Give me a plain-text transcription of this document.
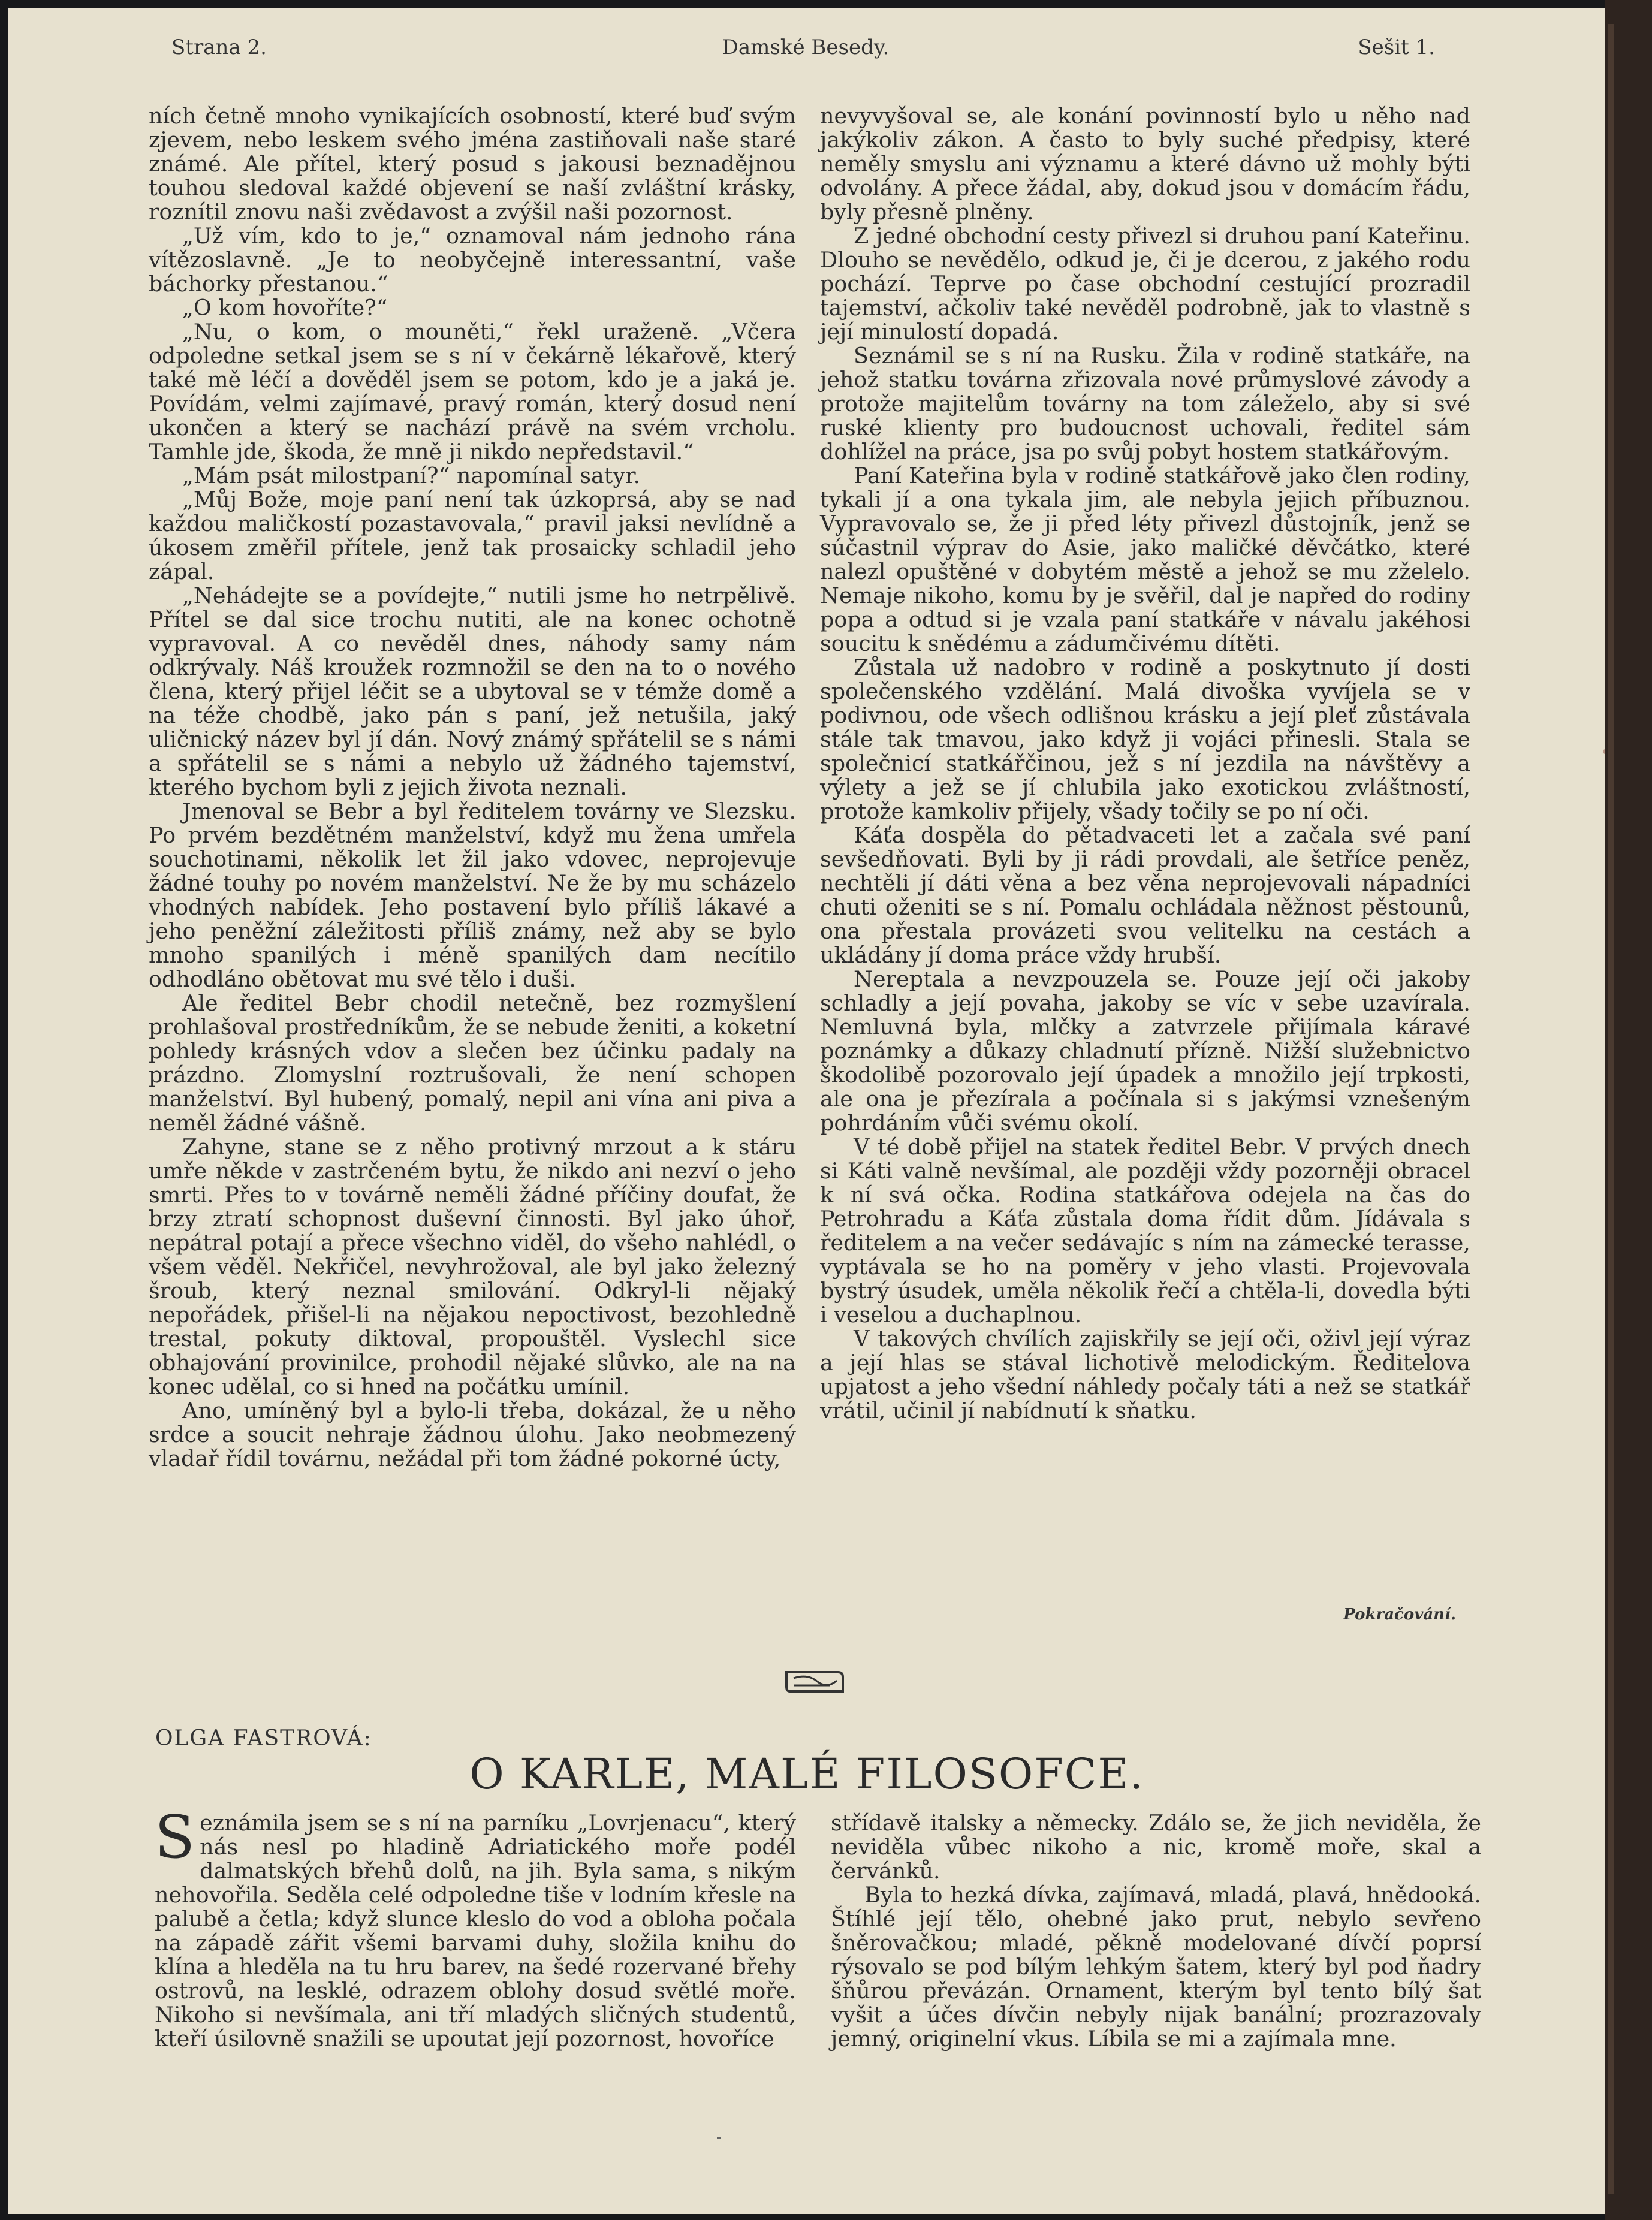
Strana 2.	Damské Besedy.	Sešit 1.

ních četně mnoho vynikajících osobností, které buď svým zjevem, nebo leskem svého jména zastiňovali naše staré známé. Ale přítel, který posud s jakousi beznadějnou touhou sledoval každé objevení se naší zvláštní krásky, roznítil znovu naši zvědavost a zvýšil naši pozornost.

„Už vím, kdo to je,“ oznamoval nám jednoho rána vítězoslavně. „Je to neobyčejně interessantní, vaše báchorky přestanou.“

„O kom hovoříte?“

„Nu, o kom, o mouněti,“ řekl uraženě. „Včera odpoledne setkal jsem se s ní v čekárně lékařově, který také mě léčí a dověděl jsem se potom, kdo je a jaká je. Povídám, velmi zajímavé, pravý román, který dosud není ukončen a který se nachází právě na svém vrcholu. Tamhle jde, škoda, že mně ji nikdo nepředstavil.“

„Mám psát milostpaní?“ napomínal satyr.

„Můj Bože, moje paní není tak úzkoprsá, aby se nad každou maličkostí pozastavovala,“ pravil jaksi nevlídně a úkosem změřil přítele, jenž tak prosaicky schladil jeho zápal.

„Nehádejte se a povídejte,“ nutili jsme ho netrpělivě. Přítel se dal sice trochu nutiti, ale na konec ochotně vypravoval. A co nevěděl dnes, náhody samy nám odkrývaly. Náš kroužek rozmnožil se den na to o nového člena, který přijel léčit se a ubytoval se v témže domě a na téže chodbě, jako pán s paní, jež netušila, jaký uličnický název byl jí dán. Nový známý spřátelil se s námi a spřátelil se s námi a nebylo už žádného tajemství, kterého bychom byli z jejich života neznali.

Jmenoval se Bebr a byl ředitelem továrny ve Slezsku. Po prvém bezdětném manželství, když mu žena umřela souchotinami, několik let žil jako vdovec, neprojevuje žádné touhy po novém manželství. Ne že by mu scházelo vhodných nabídek. Jeho postavení bylo příliš lákavé a jeho peněžní záležitosti příliš známy, než aby se bylo mnoho spanilých i méně spanilých dam necítilo odhodláno obětovat mu své tělo i duši.

Ale ředitel Bebr chodil netečně, bez rozmyšlení prohlašoval prostředníkům, že se nebude ženiti, a koketní pohledy krásných vdov a slečen bez účinku padaly na prázdno. Zlomyslní roztrušovali, že není schopen manželství. Byl hubený, pomalý, nepil ani vína ani piva a neměl žádné vášně.

Zahyne, stane se z něho protivný mrzout a k stáru umře někde v zastrčeném bytu, že nikdo ani nezví o jeho smrti. Přes to v továrně neměli žádné příčiny doufat, že brzy ztratí schopnost duševní činnosti. Byl jako úhoř, nepátral potají a přece všechno viděl, do všeho nahlédl, o všem věděl. Nekřičel, nevyhrožoval, ale byl jako železný šroub, který neznal smilování. Odkryl-li nějaký nepořádek, přišel-li na nějakou nepoctivost, bezohledně trestal, pokuty diktoval, propouštěl. Vyslechl sice obhajování provinilce, prohodil nějaké slůvko, ale na na konec udělal, co si hned na počátku umínil.

Ano, umíněný byl a bylo-li třeba, dokázal, že u něho srdce a soucit nehraje žádnou úlohu. Jako neobmezený vladař řídil továrnu, nežádal při tom žádné pokorné úcty,

nevyvyšoval se, ale konání povinností bylo u něho nad jakýkoliv zákon. A často to byly suché předpisy, které neměly smyslu ani významu a které dávno už mohly býti odvolány. A přece žádal, aby, dokud jsou v domácím řádu, byly přesně plněny.

Z jedné obchodní cesty přivezl si druhou paní Kateřinu. Dlouho se nevědělo, odkud je, či je dcerou, z jakého rodu pochází. Teprve po čase obchodní cestující prozradil tajemství, ačkoliv také nevěděl podrobně, jak to vlastně s její minulostí dopadá.

Seznámil se s ní na Rusku. Žila v rodině statkáře, na jehož statku továrna zřizovala nové průmyslové závody a protože majitelům továrny na tom záleželo, aby si své ruské klienty pro budoucnost uchovali, ředitel sám dohlížel na práce, jsa po svůj pobyt hostem statkářovým.

Paní Kateřina byla v rodině statkářově jako člen rodiny, tykali jí a ona tykala jim, ale nebyla jejich příbuznou. Vypravovalo se, že ji před léty přivezl důstojník, jenž se súčastnil výprav do Asie, jako maličké děvčátko, které nalezl opuštěné v dobytém městě a jehož se mu zželelo. Nemaje nikoho, komu by je svěřil, dal je napřed do rodiny popa a odtud si je vzala paní statkáře v návalu jakéhosi soucitu k snědému a zádumčivému dítěti.

Zůstala už nadobro v rodině a poskytnuto jí dosti společenského vzdělání. Malá divoška vyvíjela se v podivnou, ode všech odlišnou krásku a její pleť zůstávala stále tak tmavou, jako když ji vojáci přinesli. Stala se společnicí statkářčinou, jež s ní jezdila na návštěvy a výlety a jež se jí chlubila jako exotickou zvláštností, protože kamkoliv přijely, všady točily se po ní oči.

Káťa dospěla do pětadvaceti let a začala své paní sevšedňovati. Byli by ji rádi provdali, ale šetříce peněz, nechtěli jí dáti věna a bez věna neprojevovali nápadníci chuti oženiti se s ní. Pomalu ochládala něžnost pěstounů, ona přestala provázeti svou velitelku na cestách a ukládány jí doma práce vždy hrubší.

Nereptala a nevzpouzela se. Pouze její oči jakoby schladly a její povaha, jakoby se víc v sebe uzavírala. Nemluvná byla, mlčky a zatvrzele přijímala káravé poznámky a důkazy chladnutí přízně. Nižší služebnictvo škodolibě pozorovalo její úpadek a množilo její trpkosti, ale ona je přezírala a počínala si s jakýmsi vznešeným pohrdáním vůči svému okolí.

V té době přijel na statek ředitel Bebr. V prvých dnech si Káti valně nevšímal, ale později vždy pozorněji obracel k ní svá očka. Rodina statkářova odejela na čas do Petrohradu a Káťa zůstala doma řídit dům. Jídávala s ředitelem a na večer sedávajíc s ním na zámecké terasse, vyptávala se ho na poměry v jeho vlasti. Projevovala bystrý úsudek, uměla několik řečí a chtěla-li, dovedla býti i veselou a duchaplnou.

V takových chvílích zajiskřily se její oči, oživl její výraz a její hlas se stával lichotivě melodickým. Ředitelova upjatost a jeho všední náhledy počaly táti a než se statkář vrátil, učinil jí nabídnutí k sňatku.

Pokračování.
OLGA FASTROVÁ:
O KARLE, MALÉ FILOSOFCE.

Seznámila jsem se s ní na parníku „Lovrjenacu“, který nás nesl po hladině Adriatického moře podél dalmatských břehů dolů, na jih. Byla sama, s nikým nehovořila. Seděla celé odpoledne tiše v lodním křesle na palubě a četla; když slunce kleslo do vod a obloha počala na západě zářit všemi barvami duhy, složila knihu do klína a hleděla na tu hru barev, na šedé rozervané břehy ostrovů, na lesklé, odrazem oblohy dosud světlé moře. Nikoho si nevšímala, ani tří mladých sličných studentů, kteří úsilovně snažili se upoutat její pozornost, hovoříce

střídavě italsky a německy. Zdálo se, že jich neviděla, že neviděla vůbec nikoho a nic, kromě moře, skal a červánků.

Byla to hezká dívka, zajímavá, mladá, plavá, hnědooká. Štíhlé její tělo, ohebné jako prut, nebylo sevřeno šněrovačkou; mladé, pěkně modelované dívčí poprsí rýsovalo se pod bílým lehkým šatem, který byl pod ňadry šňůrou převázán. Ornament, kterým byl tento bílý šat vyšit a účes dívčin nebyly nijak banální; prozrazovaly jemný, originelní vkus. Líbila se mi a zajímala mne.
